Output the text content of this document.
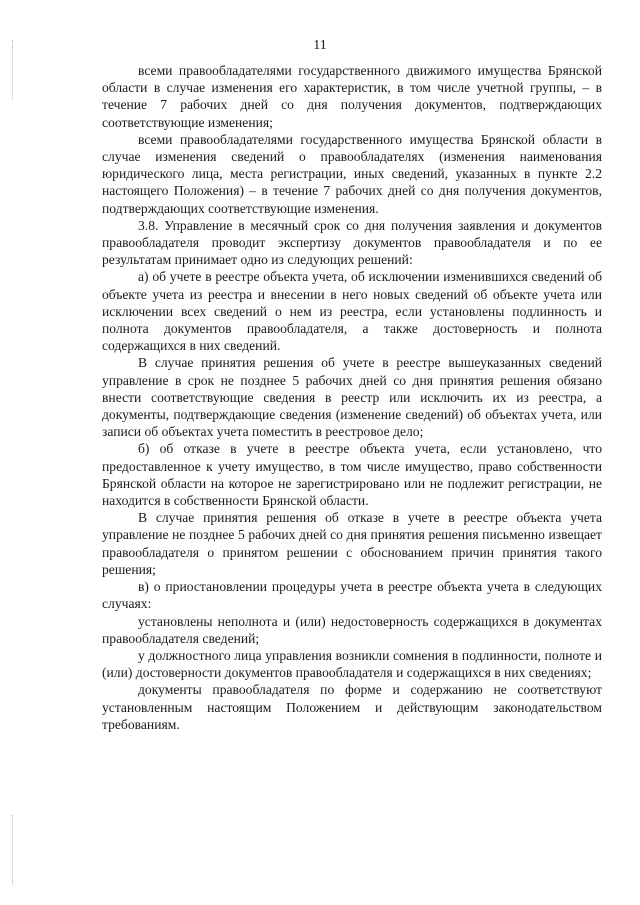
11

всеми правообладателями государственного движимого имущества Брянской области в случае изменения его характеристик, в том числе учетной группы, – в течение 7 рабочих дней со дня получения документов, подтверждающих соответствующие изменения;

всеми правообладателями государственного имущества Брянской области в случае изменения сведений о правообладателях (изменения наименования юридического лица, места регистрации, иных сведений, указанных в пункте 2.2 настоящего Положения) – в течение 7 рабочих дней со дня получения документов, подтверждающих соответствующие изменения.

3.8. Управление в месячный срок со дня получения заявления и документов правообладателя проводит экспертизу документов правообладателя и по ее результатам принимает одно из следующих решений:

а) об учете в реестре объекта учета, об исключении изменившихся сведений об объекте учета из реестра и внесении в него новых сведений об объекте учета или исключении всех сведений о нем из реестра, если установлены подлинность и полнота документов правообладателя, а также достоверность и полнота содержащихся в них сведений.

В случае принятия решения об учете в реестре вышеуказанных сведений управление в срок не позднее 5 рабочих дней со дня принятия решения обязано внести соответствующие сведения в реестр или исключить их из реестра, а документы, подтверждающие сведения (изменение сведений) об объектах учета, или записи об объектах учета поместить в реестровое дело;

б) об отказе в учете в реестре объекта учета, если установлено, что предоставленное к учету имущество, в том числе имущество, право собственности Брянской области на которое не зарегистрировано или не подлежит регистрации, не находится в собственности Брянской области.

В случае принятия решения об отказе в учете в реестре объекта учета управление не позднее 5 рабочих дней со дня принятия решения письменно извещает правообладателя о принятом решении с обоснованием причин принятия такого решения;

в) о приостановлении процедуры учета в реестре объекта учета в следующих случаях:

установлены неполнота и (или) недостоверность содержащихся в документах правообладателя сведений;

у должностного лица управления возникли сомнения в подлинности, полноте и (или) достоверности документов правообладателя и содержащихся в них сведениях;

документы правообладателя по форме и содержанию не соответствуют установленным настоящим Положением и действующим законодательством требованиям.
